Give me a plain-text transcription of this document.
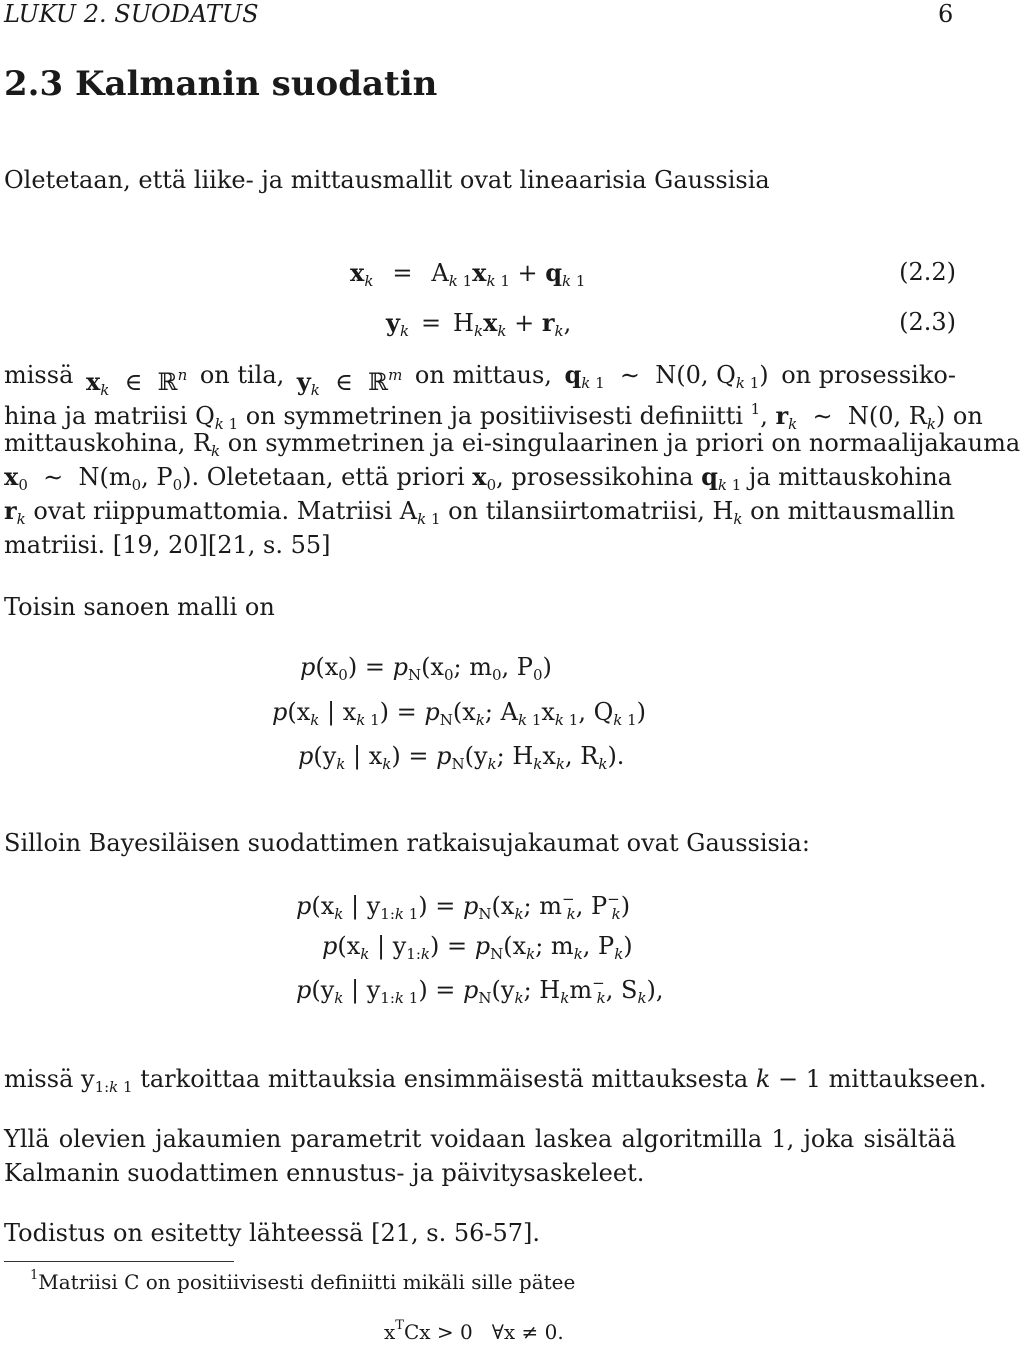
LUKU 2. SUODATUS	6
2.3 Kalmanin suodatin
Oletetaan, että liike- ja mittausmallit ovat lineaarisia Gaussisia
$x_k = A_k$ $_1x_k$ $_1 + q_k$ $_1$	(2.2)
$y_k = H_kx_k + r_k$,	(2.3)
missä $x_k$  ∈  ℝ$^n$ on tila, $y_k$  ∈  ℝ$^m$ on mittaus, $q_k$ $_1$  ∼  N(0, $Q_k$ $_1$) on prosessiko-
hina ja matriisi $Q_k$ $_1$ on symmetrinen ja positiivisesti definiitti $^1$, $r_k$  ∼  N(0, $R_k$) on
mittauskohina, $R_k$ on symmetrinen ja ei-singulaarinen ja priori on normaalijakauma
$x_0$  ∼  $N(m_0$, $P_0$). Oletetaan, että priori $x_0$, prosessikohina $q_k$ $_1$ ja mittauskohina
$r_k$ ovat riippumattomia. Matriisi $A_k$ $_1$ on tilansiirtomatriisi, $H_k$ on mittausmallin
matriisi. [19, 20][21, s. 55]
Toisin sanoen malli on
$p(x_0) = p_N(x_0$; $m_0$, $P_0$)
$p(x_k$ | $x_k$ $_1) = p_N(x_k$; $A_k$ $_1x_k$ $_1$, $Q_k$ $_1$)
$p(y_k$ | $x_k) = p_N(y_k$; $H_kx_k$, $R_k$).
Silloin Bayesiläisen suodattimen ratkaisujakaumat ovat Gaussisia:
$p(x_k$ | $y_{1:k}$ $_1) = p_N(x_k$; $m^-_k$, $P^-_k$)
$p(x_k$ | $y_{1:k}) = p_N(x_k$; $m_k$, $P_k$)
$p(y_k$ | $y_{1:k}$ $_1) = p_N(y_k$; $H_km^-_k$, $S_k$),
missä $y_{1:k}$ $_1$ tarkoittaa mittauksia ensimmäisestä mittauksesta k − 1 mittaukseen.
Yllä olevien jakaumien parametrit voidaan laskea algoritmilla 1, joka sisältää
Kalmanin suodattimen ennustus- ja päivitysaskeleet.
Todistus on esitetty lähteessä [21, s. 56-57].
$^1$Matriisi C on positiivisesti definiitti mikäli sille pätee
$x^TCx > 0$   ∀x ≠ 0.
